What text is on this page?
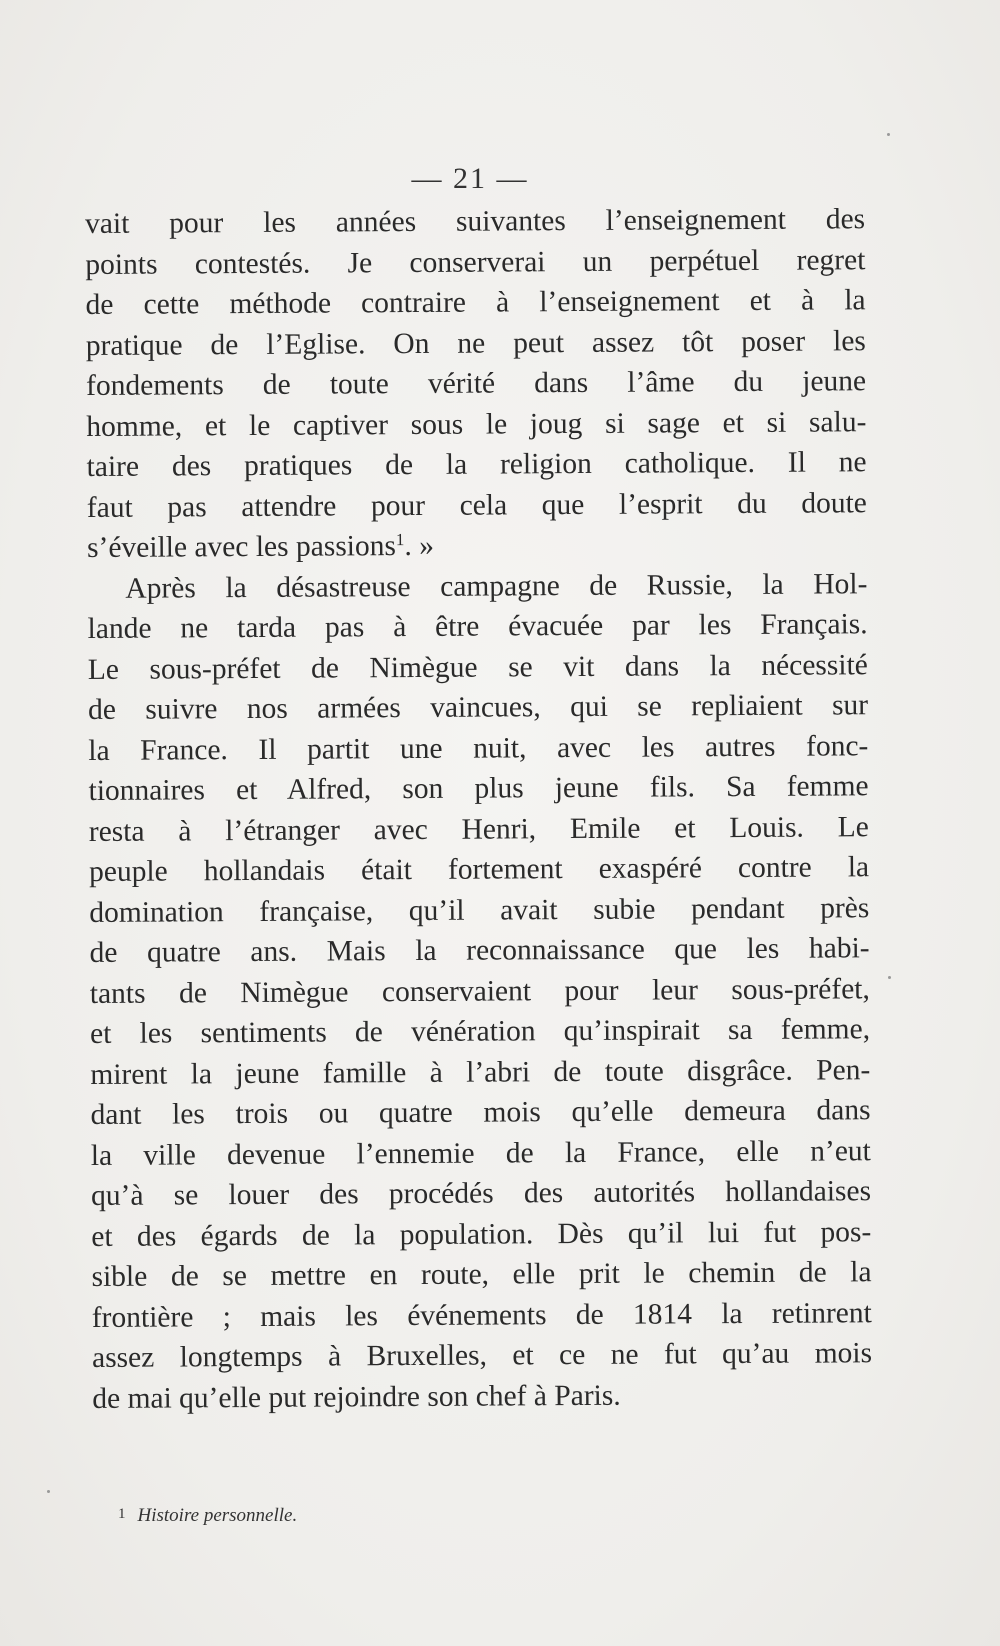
— 21 —
vait pour les années suivantes l’enseignement des
points contestés. Je conserverai un perpétuel regret
de cette méthode contraire à l’enseignement et à la
pratique de l’Eglise. On ne peut assez tôt poser les
fondements de toute vérité dans l’âme du jeune
homme, et le captiver sous le joug si sage et si salu-
taire des pratiques de la religion catholique. Il ne
faut pas attendre pour cela que l’esprit du doute
s’éveille avec les passions$^1$. »
Après la désastreuse campagne de Russie, la Hol-
lande ne tarda pas à être évacuée par les Français.
Le sous-préfet de Nimègue se vit dans la nécessité
de suivre nos armées vaincues, qui se repliaient sur
la France. Il partit une nuit, avec les autres fonc-
tionnaires et Alfred, son plus jeune fils. Sa femme
resta à l’étranger avec Henri, Emile et Louis. Le
peuple hollandais était fortement exaspéré contre la
domination française, qu’il avait subie pendant près
de quatre ans. Mais la reconnaissance que les habi-
tants de Nimègue conservaient pour leur sous-préfet,
et les sentiments de vénération qu’inspirait sa femme,
mirent la jeune famille à l’abri de toute disgrâce. Pen-
dant les trois ou quatre mois qu’elle demeura dans
la ville devenue l’ennemie de la France, elle n’eut
qu’à se louer des procédés des autorités hollandaises
et des égards de la population. Dès qu’il lui fut pos-
sible de se mettre en route, elle prit le chemin de la
frontière ; mais les événements de 1814 la retinrent
assez longtemps à Bruxelles, et ce ne fut qu’au mois
de mai qu’elle put rejoindre son chef à Paris.
1 Histoire personnelle.
